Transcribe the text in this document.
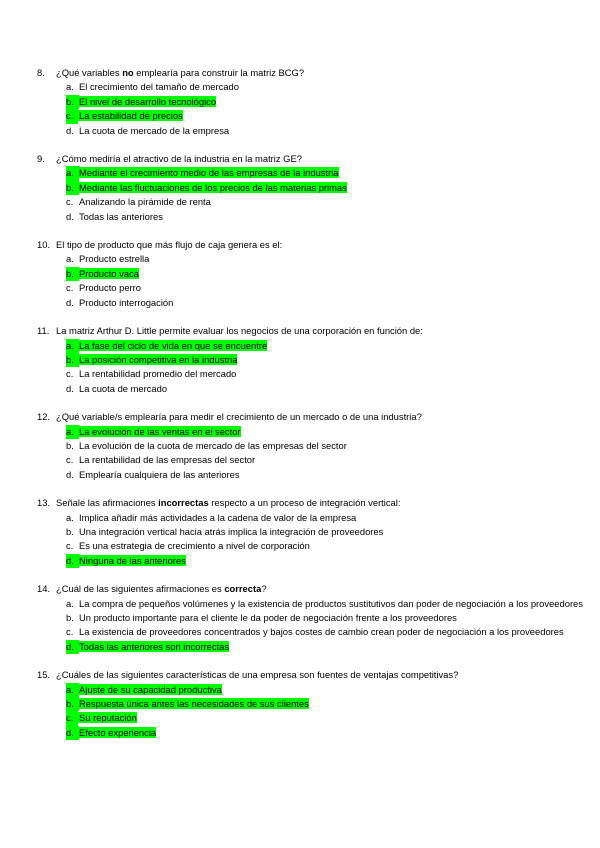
8. ¿Qué variables no emplearía para construir la matriz BCG?
a. El crecimiento del tamaño de mercado
b. El nivel de desarrollo tecnológico
c. La estabilidad de precios
d. La cuota de mercado de la empresa
9. ¿Cómo mediría el atractivo de la industria en la matriz GE?
a. Mediante el crecimiento medio de las empresas de la industria
b. Mediante las fluctuaciones de los precios de las materias primas
c. Analizando la pirámide de renta
d. Todas las anteriores
10. El tipo de producto que más flujo de caja genera es el:
a. Producto estrella
b. Producto vaca
c. Producto perro
d. Producto interrogación
11. La matriz Arthur D. Little permite evaluar los negocios de una corporación en función de:
a. La fase del ciclo de vida en que se encuentre
b. La posición competitiva en la industria
c. La rentabilidad promedio del mercado
d. La cuota de mercado
12. ¿Qué variable/s emplearía para medir el crecimiento de un mercado o de una industria?
a. La evolución de las ventas en el sector
b. La evolución de la cuota de mercado de las empresas del sector
c. La rentabilidad de las empresas del sector
d. Emplearía cualquiera de las anteriores
13. Señale las afirmaciones incorrectas respecto a un proceso de integración vertical:
a. Implica añadir más actividades a la cadena de valor de la empresa
b. Una integración vertical hacia atrás implica la integración de proveedores
c. Es una estrategia de crecimiento a nivel de corporación
d. Ninguna de las anteriores
14. ¿Cuál de las siguientes afirmaciones es correcta?
a. La compra de pequeños volúmenes y la existencia de productos sustitutivos dan poder de negociación a los proveedores
b. Un producto importante para el cliente le da poder de negociación frente a los proveedores
c. La existencia de proveedores concentrados y bajos costes de cambio crean poder de negociación a los proveedores
d. Todas las anteriores son incorrectas
15. ¿Cuáles de las siguientes características de una empresa son fuentes de ventajas competitivas?
a. Ajuste de su capacidad productiva
b. Respuesta única antes las necesidades de sus clientes
c. Su reputación
d. Efecto experiencia
